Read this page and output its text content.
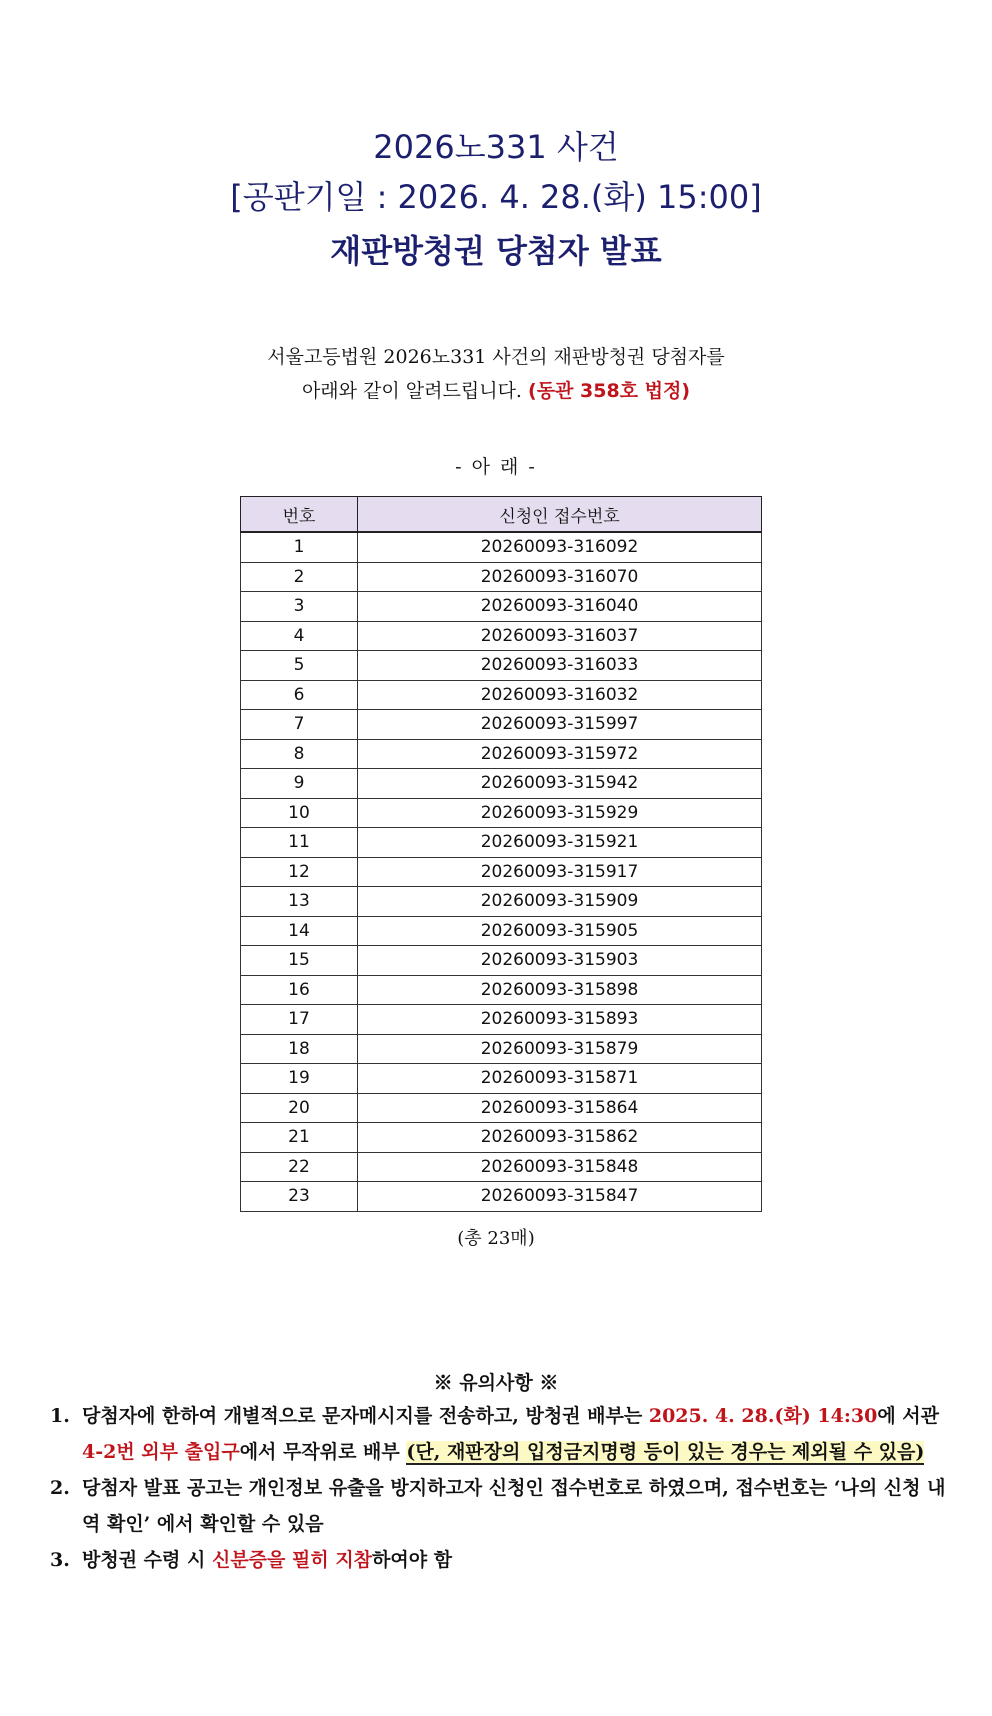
2026노331 사건
[공판기일 : 2026. 4. 28.(화) 15:00]
재판방청권 당첨자 발표
서울고등법원 2026노331 사건의 재판방청권 당첨자를
아래와 같이 알려드립니다. (동관 358호 법정)
- 아 래 -
번호	신청인 접수번호
1	20260093-316092
2	20260093-316070
3	20260093-316040
4	20260093-316037
5	20260093-316033
6	20260093-316032
7	20260093-315997
8	20260093-315972
9	20260093-315942
10	20260093-315929
11	20260093-315921
12	20260093-315917
13	20260093-315909
14	20260093-315905
15	20260093-315903
16	20260093-315898
17	20260093-315893
18	20260093-315879
19	20260093-315871
20	20260093-315864
21	20260093-315862
22	20260093-315848
23	20260093-315847
(총 23매)
※ 유의사항 ※
1. 당첨자에 한하여 개별적으로 문자메시지를 전송하고, 방청권 배부는 2025. 4. 28.(화) 14:30에 서관 4-2번 외부 출입구에서 무작위로 배부 (단, 재판장의 입정금지명령 등이 있는 경우는 제외될 수 있음)
2. 당첨자 발표 공고는 개인정보 유출을 방지하고자 신청인 접수번호로 하였으며, 접수번호는 ‘나의 신청 내역 확인’ 에서 확인할 수 있음
3. 방청권 수령 시 신분증을 필히 지참하여야 함
